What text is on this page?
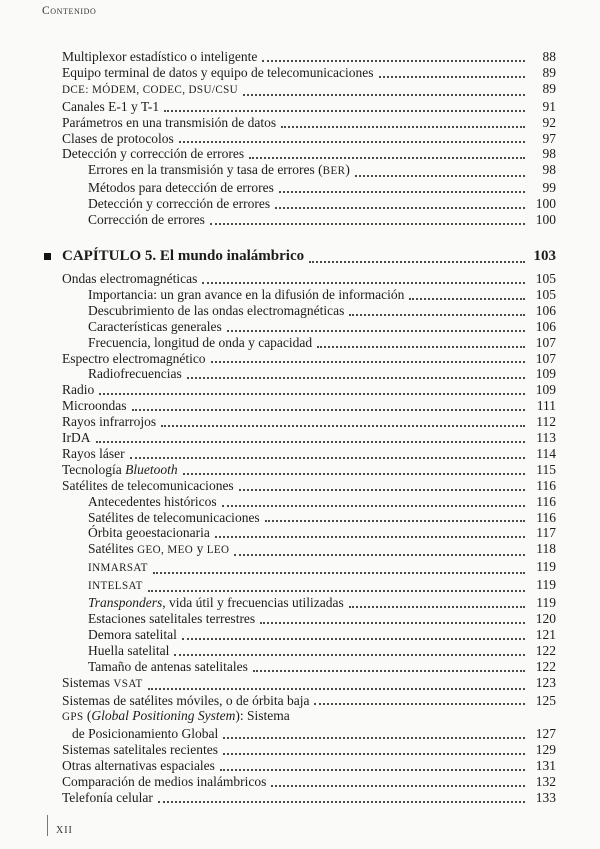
Contenido
Multiplexor estadístico o inteligente	88
Equipo terminal de datos y equipo de telecomunicaciones	89
DCE: MÓDEM, CODEC, DSU/CSU	89
Canales E-1 y T-1	91
Parámetros en una transmisión de datos	92
Clases de protocolos	97
Detección y corrección de errores	98
Errores en la transmisión y tasa de errores (BER)	98
Métodos para detección de errores	99
Detección y corrección de errores	100
Corrección de errores	100
CAPÍTULO 5. El mundo inalámbrico	103
Ondas electromagnéticas	105
Importancia: un gran avance en la difusión de información	105
Descubrimiento de las ondas electromagnéticas	106
Características generales	106
Frecuencia, longitud de onda y capacidad	107
Espectro electromagnético	107
Radiofrecuencias	109
Radio	109
Microondas	111
Rayos infrarrojos	112
IrDA	113
Rayos láser	114
Tecnología Bluetooth	115
Satélites de telecomunicaciones	116
Antecedentes históricos	116
Satélites de telecomunicaciones	116
Órbita geoestacionaria	117
Satélites GEO, MEO y LEO	118
INMARSAT	119
INTELSAT	119
Transponders, vida útil y frecuencias utilizadas	119
Estaciones satelitales terrestres	120
Demora satelital	121
Huella satelital	122
Tamaño de antenas satelitales	122
Sistemas VSAT	123
Sistemas de satélites móviles, o de órbita baja	125
GPS (Global Positioning System): Sistema
de Posicionamiento Global	127
Sistemas satelitales recientes	129
Otras alternativas espaciales	131
Comparación de medios inalámbricos	132
Telefonía celular	133
XII
